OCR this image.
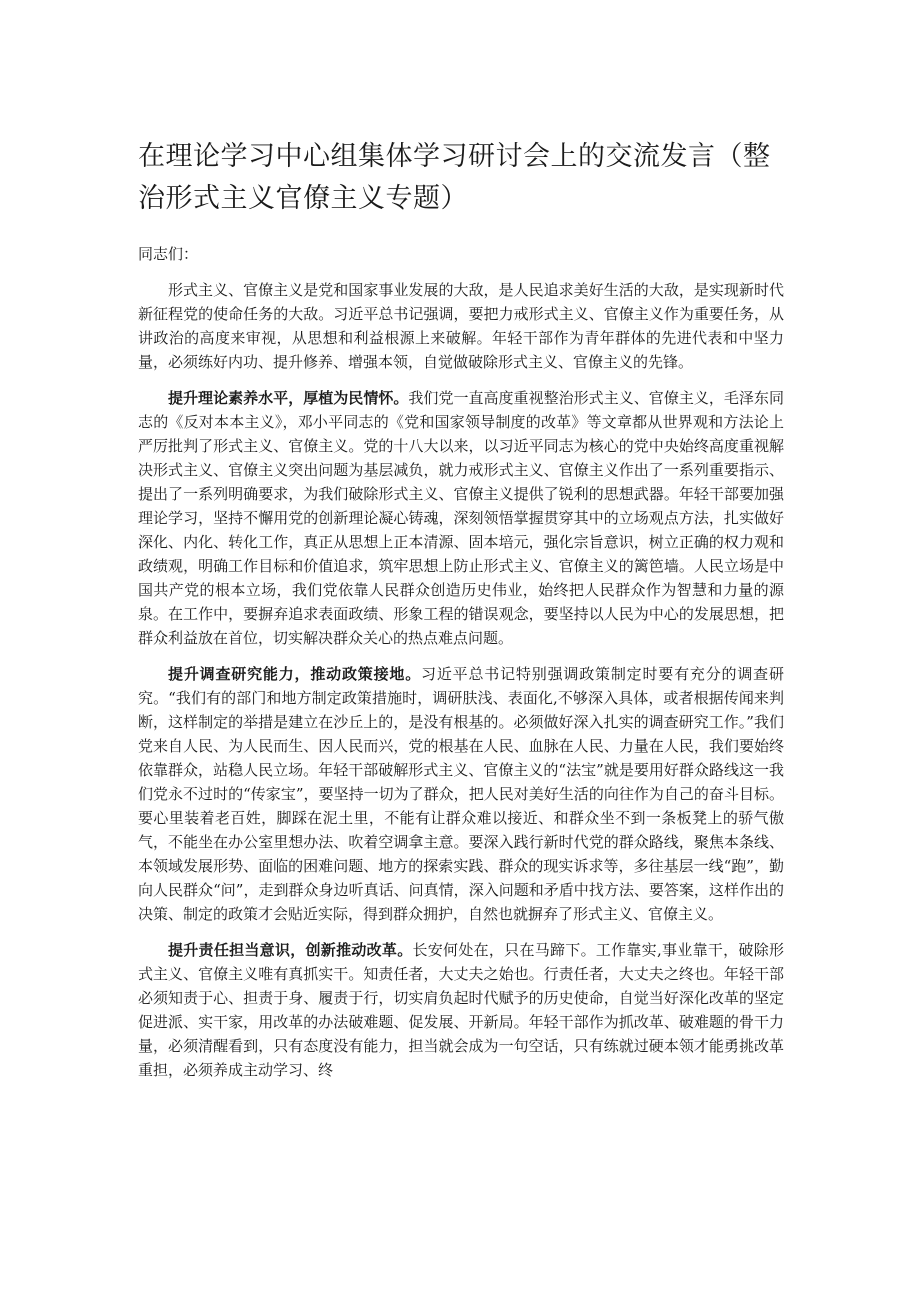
在理论学习中心组集体学习研讨会上的交流发言（整治形式主义官僚主义专题）

同志们：

形式主义、官僚主义是党和国家事业发展的大敌，是人民追求美好生活的大敌，是实现新时代新征程党的使命任务的大敌。习近平总书记强调，要把力戒形式主义、官僚主义作为重要任务，从讲政治的高度来审视，从思想和利益根源上来破解。年轻干部作为青年群体的先进代表和中坚力量，必须练好内功、提升修养、增强本领，自觉做破除形式主义、官僚主义的先锋。

提升理论素养水平，厚植为民情怀。我们党一直高度重视整治形式主义、官僚主义，毛泽东同志的《反对本本主义》，邓小平同志的《党和国家领导制度的改革》等文章都从世界观和方法论上严厉批判了形式主义、官僚主义。党的十八大以来，以习近平同志为核心的党中央始终高度重视解决形式主义、官僚主义突出问题为基层减负，就力戒形式主义、官僚主义作出了一系列重要指示、提出了一系列明确要求，为我们破除形式主义、官僚主义提供了锐利的思想武器。年轻干部要加强理论学习，坚持不懈用党的创新理论凝心铸魂，深刻领悟掌握贯穿其中的立场观点方法，扎实做好深化、内化、转化工作，真正从思想上正本清源、固本培元，强化宗旨意识，树立正确的权力观和政绩观，明确工作目标和价值追求，筑牢思想上防止形式主义、官僚主义的篱笆墙。人民立场是中国共产党的根本立场，我们党依靠人民群众创造历史伟业，始终把人民群众作为智慧和力量的源泉。在工作中，要摒弃追求表面政绩、形象工程的错误观念，要坚持以人民为中心的发展思想，把群众利益放在首位，切实解决群众关心的热点难点问题。

提升调查研究能力，推动政策接地。习近平总书记特别强调政策制定时要有充分的调查研究。“我们有的部门和地方制定政策措施时，调研肤浅、表面化,不够深入具体，或者根据传闻来判断，这样制定的举措是建立在沙丘上的，是没有根基的。必须做好深入扎实的调查研究工作。”我们党来自人民、为人民而生、因人民而兴，党的根基在人民、血脉在人民、力量在人民，我们要始终依靠群众，站稳人民立场。年轻干部破解形式主义、官僚主义的“法宝”就是要用好群众路线这一我们党永不过时的“传家宝”，要坚持一切为了群众，把人民对美好生活的向往作为自己的奋斗目标。要心里装着老百姓，脚踩在泥土里，不能有让群众难以接近、和群众坐不到一条板凳上的骄气傲气，不能坐在办公室里想办法、吹着空调拿主意。要深入践行新时代党的群众路线，聚焦本条线、本领域发展形势、面临的困难问题、地方的探索实践、群众的现实诉求等，多往基层一线“跑”，勤向人民群众“问”，走到群众身边听真话、问真情，深入问题和矛盾中找方法、要答案，这样作出的决策、制定的政策才会贴近实际，得到群众拥护，自然也就摒弃了形式主义、官僚主义。

提升责任担当意识，创新推动改革。长安何处在，只在马蹄下。工作靠实,事业靠干，破除形式主义、官僚主义唯有真抓实干。知责任者，大丈夫之始也。行责任者，大丈夫之终也。年轻干部必须知责于心、担责于身、履责于行，切实肩负起时代赋予的历史使命，自觉当好深化改革的坚定促进派、实干家，用改革的办法破难题、促发展、开新局。年轻干部作为抓改革、破难题的骨干力量，必须清醒看到，只有态度没有能力，担当就会成为一句空话，只有练就过硬本领才能勇挑改革重担，必须养成主动学习、终
